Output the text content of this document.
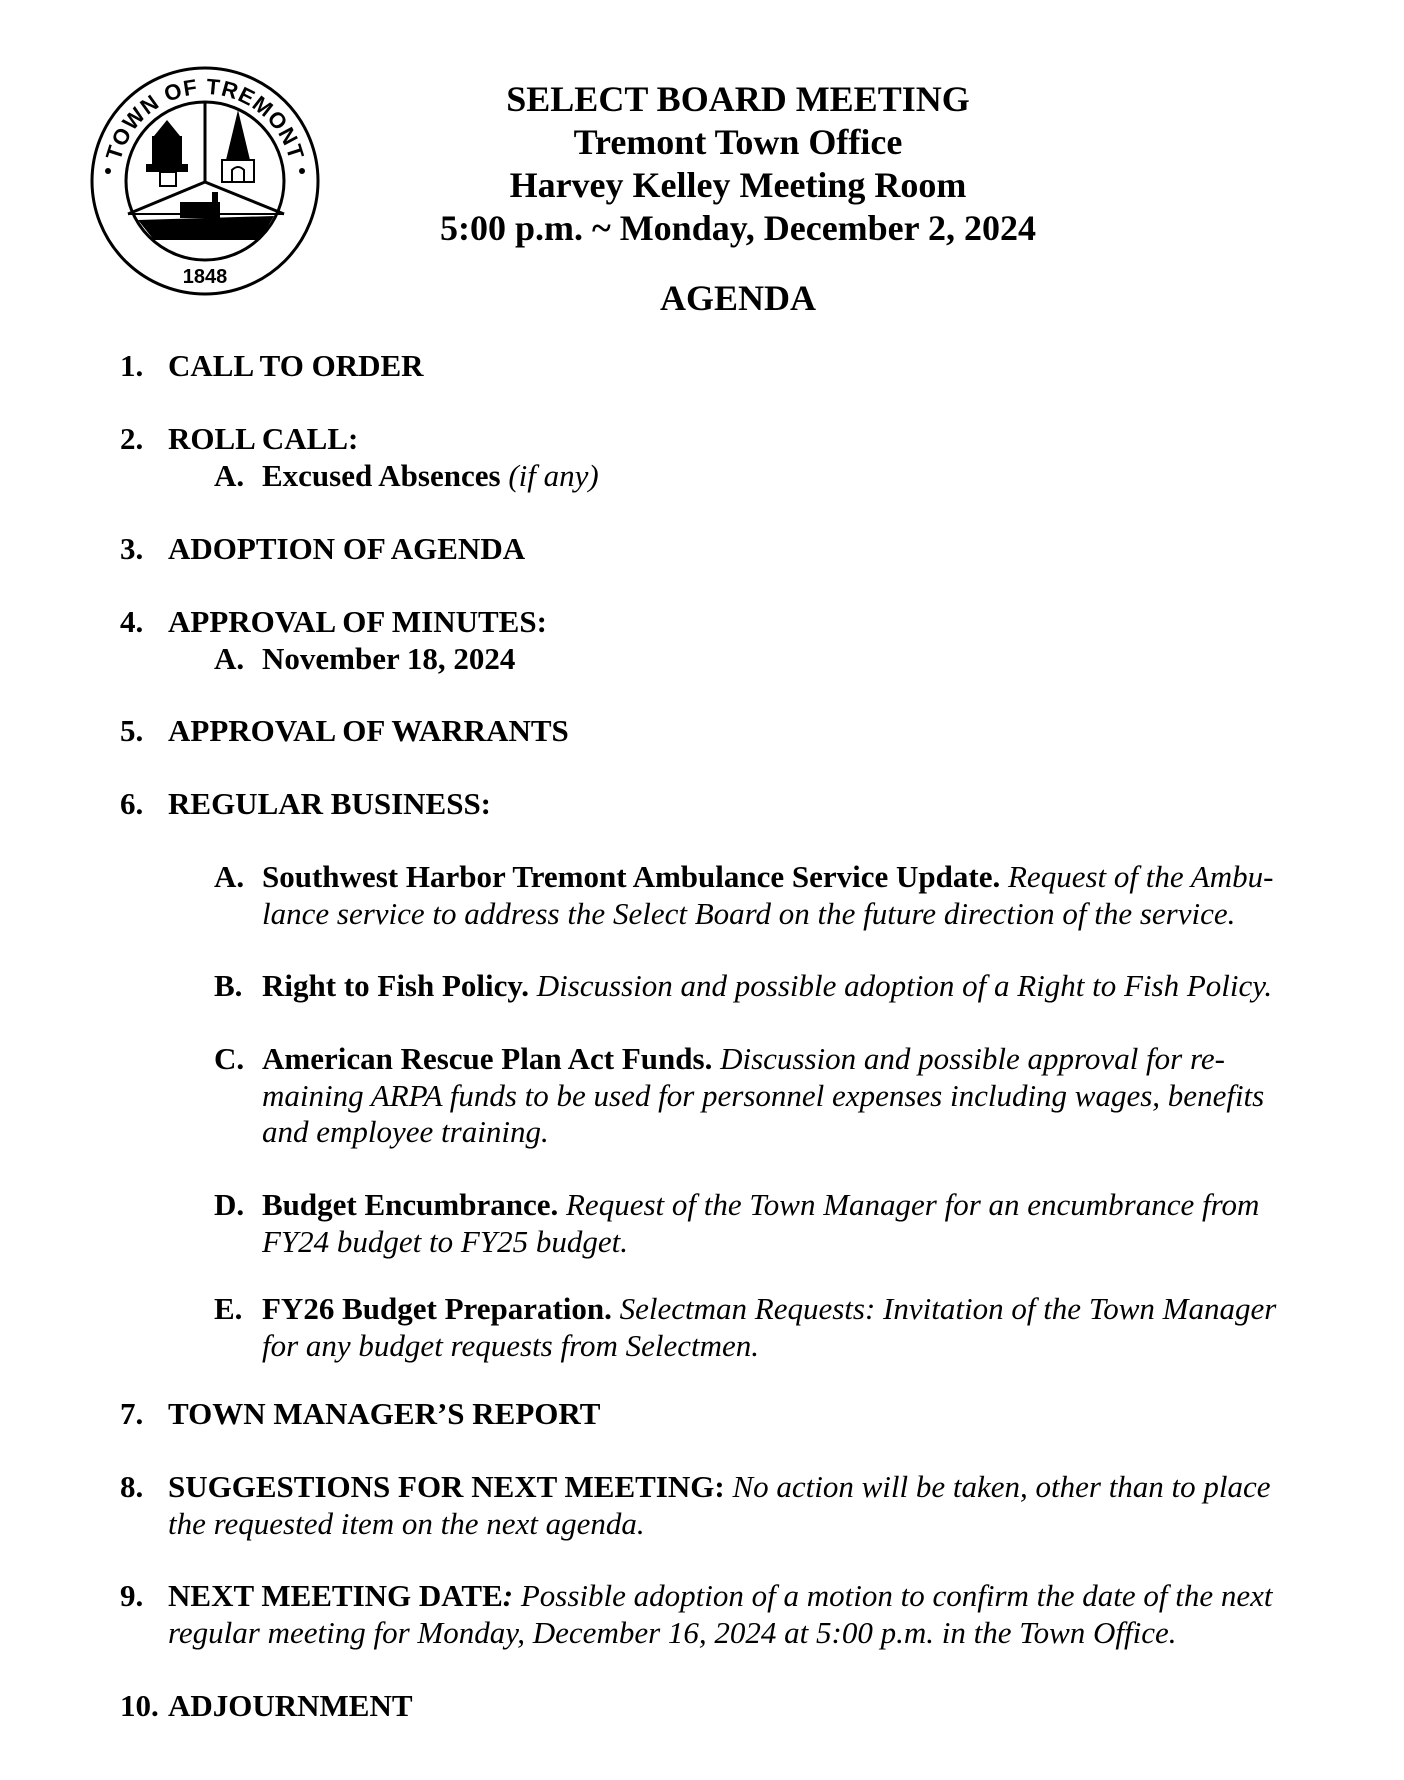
TOWN OF TREMONT
1848
SELECT BOARD MEETING
Tremont Town Office
Harvey Kelley Meeting Room
5:00 p.m. ~ Monday, December 2, 2024
AGENDA
1. CALL TO ORDER
2. ROLL CALL:
A. Excused Absences (if any)
3. ADOPTION OF AGENDA
4. APPROVAL OF MINUTES:
A. November 18, 2024
5. APPROVAL OF WARRANTS
6. REGULAR BUSINESS:
A. Southwest Harbor Tremont Ambulance Service Update. Request of the Ambu-
lance service to address the Select Board on the future direction of the service.
B. Right to Fish Policy. Discussion and possible adoption of a Right to Fish Policy.
C. American Rescue Plan Act Funds. Discussion and possible approval for re-
maining ARPA funds to be used for personnel expenses including wages, benefits
and employee training.
D. Budget Encumbrance. Request of the Town Manager for an encumbrance from
FY24 budget to FY25 budget.
E. FY26 Budget Preparation. Selectman Requests: Invitation of the Town Manager
for any budget requests from Selectmen.
7. TOWN MANAGER’S REPORT
8. SUGGESTIONS FOR NEXT MEETING: No action will be taken, other than to place
the requested item on the next agenda.
9. NEXT MEETING DATE: Possible adoption of a motion to confirm the date of the next
regular meeting for Monday, December 16, 2024 at 5:00 p.m. in the Town Office.
10. ADJOURNMENT
